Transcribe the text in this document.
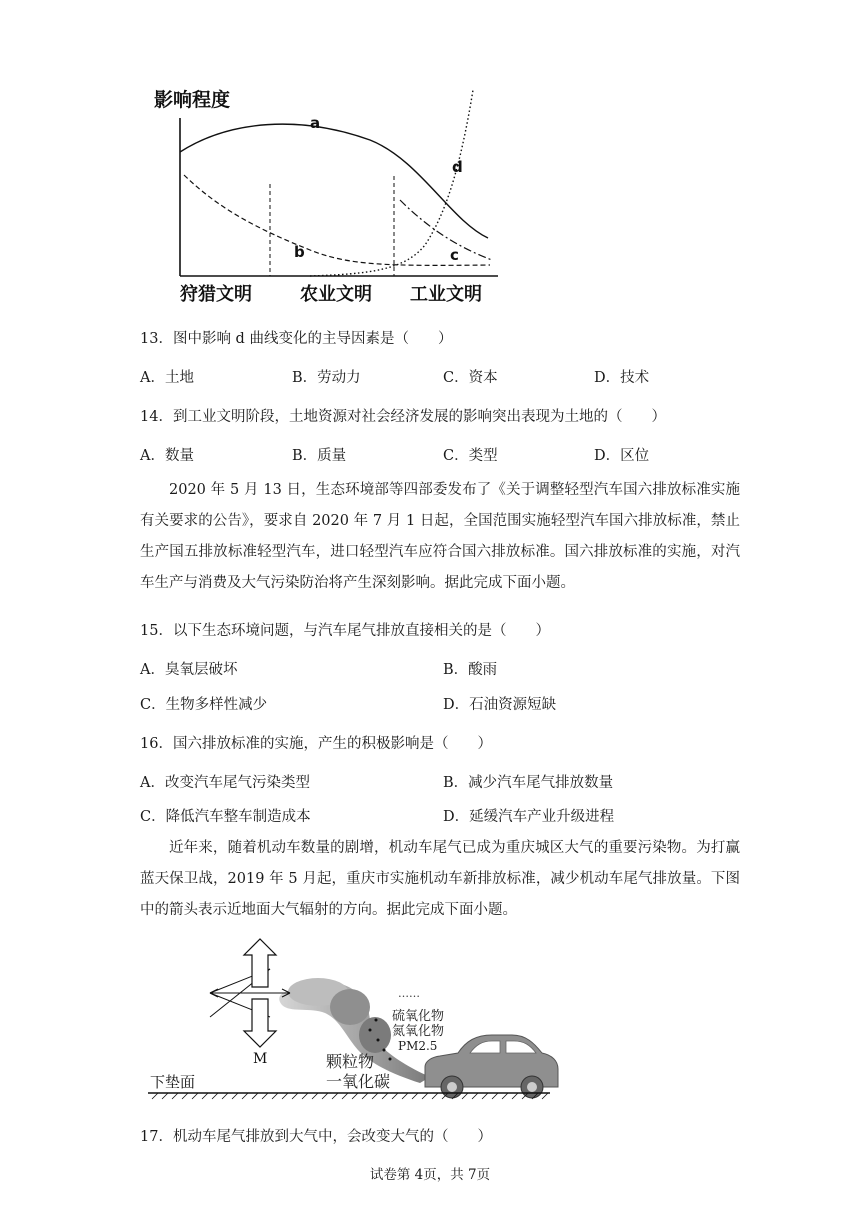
影响程度
a
b	c
d
狩猎文明	农业文明 工业文明
13．图中影响 d 曲线变化的主导因素是（　　）
A．土地	B．劳动力	C．资本	D．技术
14．到工业文明阶段，土地资源对社会经济发展的影响突出表现为土地的（　　）
A．数量	B．质量	C．类型	D．区位
2020 年 5 月 13 日，生态环境部等四部委发布了《关于调整轻型汽车国六排放标准实施有关要求的公告》，要求自 2020 年 7 月 1 日起，全国范围实施轻型汽车国六排放标准，禁止生产国五排放标准轻型汽车，进口轻型汽车应符合国六排放标准。国六排放标准的实施，对汽车生产与消费及大气污染防治将产生深刻影响。据此完成下面小题。
15．以下生态环境问题，与汽车尾气排放直接相关的是（　　）
A．臭氧层破坏	B．酸雨
C．生物多样性减少	D．石油资源短缺
16．国六排放标准的实施，产生的积极影响是（　　）
A．改变汽车尾气污染类型	B．减少汽车尾气排放数量
C．降低汽车整车制造成本	D．延缓汽车产业升级进程
近年来，随着机动车数量的剧增，机动车尾气已成为重庆城区大气的重要污染物。为打赢蓝天保卫战，2019 年 5 月起，重庆市实施机动车新排放标准，减少机动车尾气排放量。下图中的箭头表示近地面大气辐射的方向。据此完成下面小题。
M
……
硫氧化物
氮氧化物
PM2.5
颗粒物
一氧化碳
下垫面
17．机动车尾气排放到大气中，会改变大气的（　　）
试卷第 4页，共 7页
